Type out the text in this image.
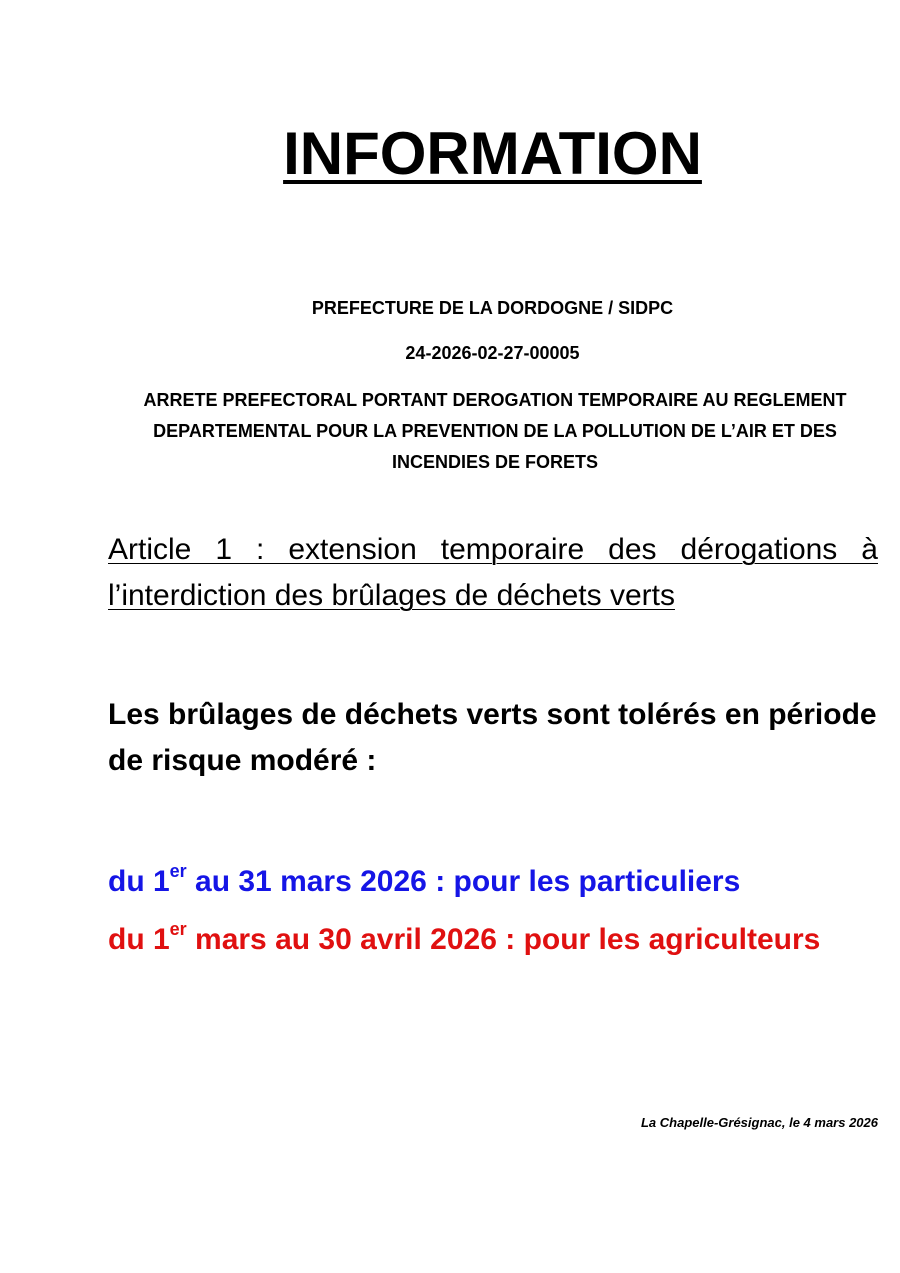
INFORMATION

PREFECTURE DE LA DORDOGNE / SIDPC

24-2026-02-27-00005

ARRETE PREFECTORAL PORTANT DEROGATION TEMPORAIRE AU REGLEMENT DEPARTEMENTAL POUR LA PREVENTION DE LA POLLUTION DE L’AIR ET DES INCENDIES DE FORETS

Article 1 : extension temporaire des dérogations à l’interdiction des brûlages de déchets verts

Les brûlages de déchets verts sont tolérés en période de risque modéré :

du 1er au 31 mars 2026 : pour les particuliers

du 1er mars au 30 avril 2026 : pour les agriculteurs

La Chapelle-Grésignac, le 4 mars 2026
